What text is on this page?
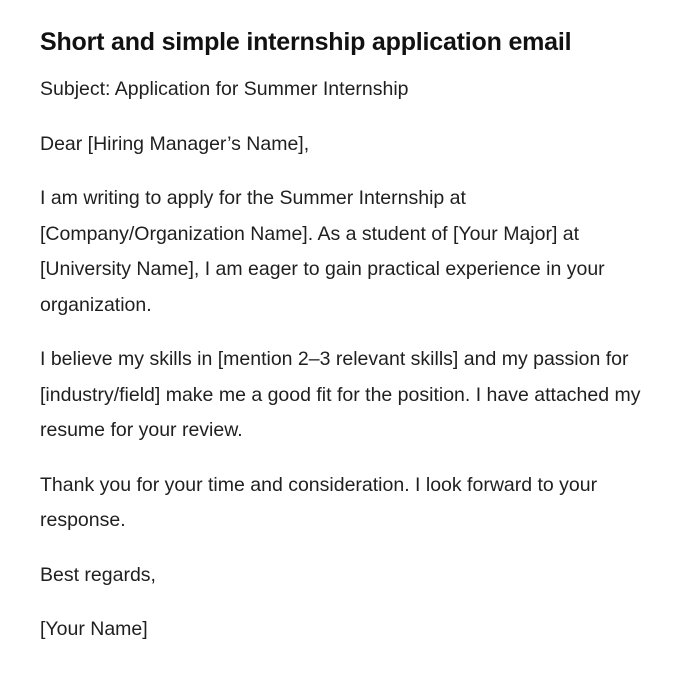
Short and simple internship application email

Subject: Application for Summer Internship

Dear [Hiring Manager’s Name],

I am writing to apply for the Summer Internship at [Company/Organization Name]. As a student of [Your Major] at [University Name], I am eager to gain practical experience in your organization.

I believe my skills in [mention 2–3 relevant skills] and my passion for [industry/field] make me a good fit for the position. I have attached my resume for your review.

Thank you for your time and consideration. I look forward to your response.

Best regards,

[Your Name]
